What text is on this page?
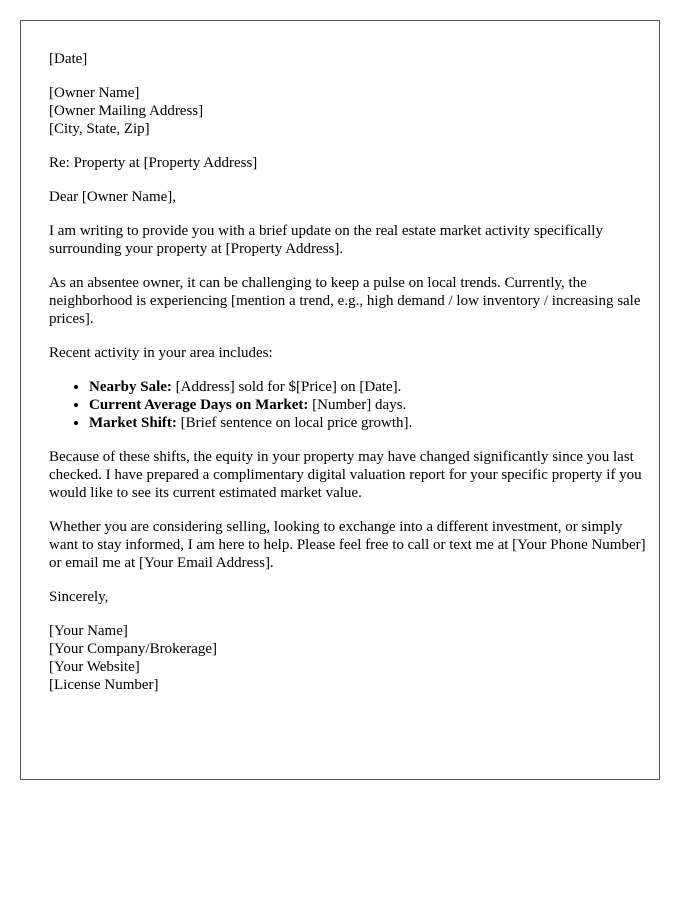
[Date]

[Owner Name]
[Owner Mailing Address]
[City, State, Zip]

Re: Property at [Property Address]

Dear [Owner Name],

I am writing to provide you with a brief update on the real estate market activity specifically surrounding your property at [Property Address].

As an absentee owner, it can be challenging to keep a pulse on local trends. Currently, the neighborhood is experiencing [mention a trend, e.g., high demand / low inventory / increasing sale prices].

Recent activity in your area includes:

• Nearby Sale: [Address] sold for $[Price] on [Date].
• Current Average Days on Market: [Number] days.
• Market Shift: [Brief sentence on local price growth].

Because of these shifts, the equity in your property may have changed significantly since you last checked. I have prepared a complimentary digital valuation report for your specific property if you would like to see its current estimated market value.

Whether you are considering selling, looking to exchange into a different investment, or simply want to stay informed, I am here to help. Please feel free to call or text me at [Your Phone Number] or email me at [Your Email Address].

Sincerely,

[Your Name]
[Your Company/Brokerage]
[Your Website]
[License Number]
